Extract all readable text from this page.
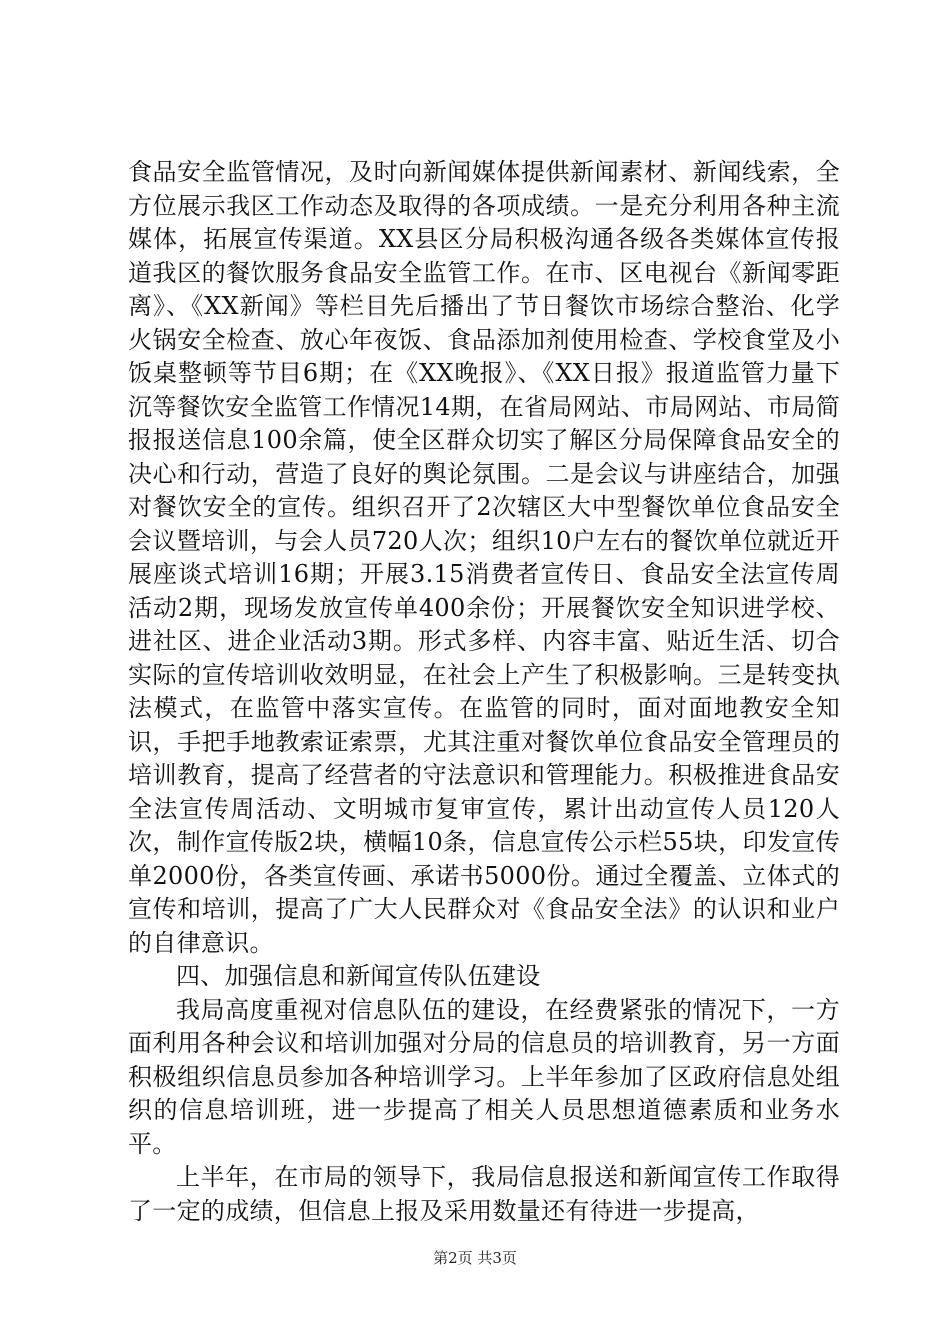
食品安全监管情况，及时向新闻媒体提供新闻素材、新闻线索，全方位展示我区工作动态及取得的各项成绩。一是充分利用各种主流媒体，拓展宣传渠道。XX县区分局积极沟通各级各类媒体宣传报道我区的餐饮服务食品安全监管工作。在市、区电视台《新闻零距离》、《XX新闻》等栏目先后播出了节日餐饮市场综合整治、化学火锅安全检查、放心年夜饭、食品添加剂使用检查、学校食堂及小饭桌整顿等节目6期；在《XX晚报》、《XX日报》报道监管力量下沉等餐饮安全监管工作情况14期，在省局网站、市局网站、市局简报报送信息100余篇，使全区群众切实了解区分局保障食品安全的决心和行动，营造了良好的舆论氛围。二是会议与讲座结合，加强对餐饮安全的宣传。组织召开了2次辖区大中型餐饮单位食品安全会议暨培训，与会人员720人次；组织10户左右的餐饮单位就近开展座谈式培训16期；开展3.15消费者宣传日、食品安全法宣传周活动2期，现场发放宣传单400余份；开展餐饮安全知识进学校、进社区、进企业活动3期。形式多样、内容丰富、贴近生活、切合实际的宣传培训收效明显，在社会上产生了积极影响。三是转变执法模式，在监管中落实宣传。在监管的同时，面对面地教安全知识，手把手地教索证索票，尤其注重对餐饮单位食品安全管理员的培训教育，提高了经营者的守法意识和管理能力。积极推进食品安全法宣传周活动、文明城市复审宣传，累计出动宣传人员120人次，制作宣传版2块，横幅10条，信息宣传公示栏55块，印发宣传单2000份，各类宣传画、承诺书5000份。通过全覆盖、立体式的宣传和培训，提高了广大人民群众对《食品安全法》的认识和业户的自律意识。

四、加强信息和新闻宣传队伍建设

我局高度重视对信息队伍的建设，在经费紧张的情况下，一方面利用各种会议和培训加强对分局的信息员的培训教育，另一方面积极组织信息员参加各种培训学习。上半年参加了区政府信息处组织的信息培训班，进一步提高了相关人员思想道德素质和业务水平。

上半年，在市局的领导下，我局信息报送和新闻宣传工作取得了一定的成绩，但信息上报及采用数量还有待进一步提高，

第2页 共3页
